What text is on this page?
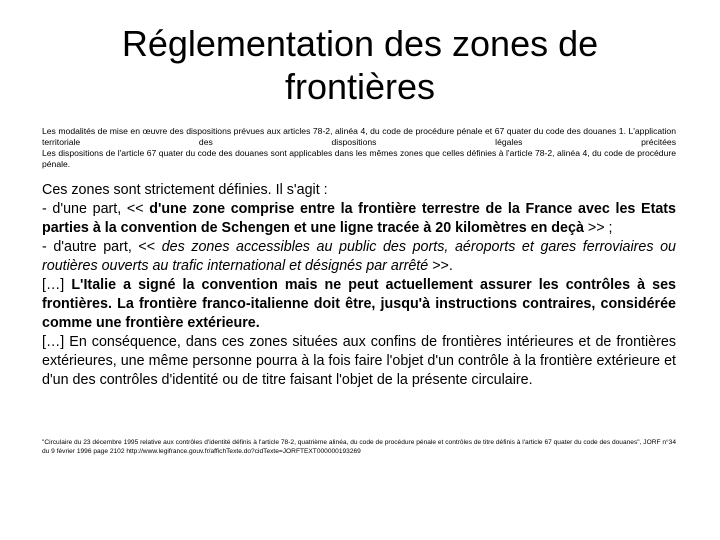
Réglementation des zones de frontières

Les modalités de mise en œuvre des dispositions prévues aux articles 78-2, alinéa 4, du code de procédure pénale et 67 quater du code des douanes 1. L'application territoriale des dispositions légales précitées

Les dispositions de l'article 67 quater du code des douanes sont applicables dans les mêmes zones que celles définies à l'article 78-2, alinéa 4, du code de procédure pénale.

Ces zones sont strictement définies. Il s'agit :

- d'une part, << d'une zone comprise entre la frontière terrestre de la France avec les Etats parties à la convention de Schengen et une ligne tracée à 20 kilomètres en deçà >> ;

- d'autre part, << des zones accessibles au public des ports, aéroports et gares ferroviaires ou routières ouverts au trafic international et désignés par arrêté >>.

[…] L'Italie a signé la convention mais ne peut actuellement assurer les contrôles à ses frontières. La frontière franco-italienne doit être, jusqu'à instructions contraires, considérée comme une frontière extérieure.

[…] En conséquence, dans ces zones situées aux confins de frontières intérieures et de frontières extérieures, une même personne pourra à la fois faire l'objet d'un contrôle à la frontière extérieure et d'un des contrôles d'identité ou de titre faisant l'objet de la présente circulaire.

"Circulaire du 23 décembre 1995 relative aux contrôles d'identité définis à l'article 78-2, quatrième alinéa, du code de procédure pénale et contrôles de titre définis à l'article 67 quater du code des douanes", JORF n°34 du 9 février 1996 page 2102 http://www.legifrance.gouv.fr/affichTexte.do?cidTexte=JORFTEXT000000193269
